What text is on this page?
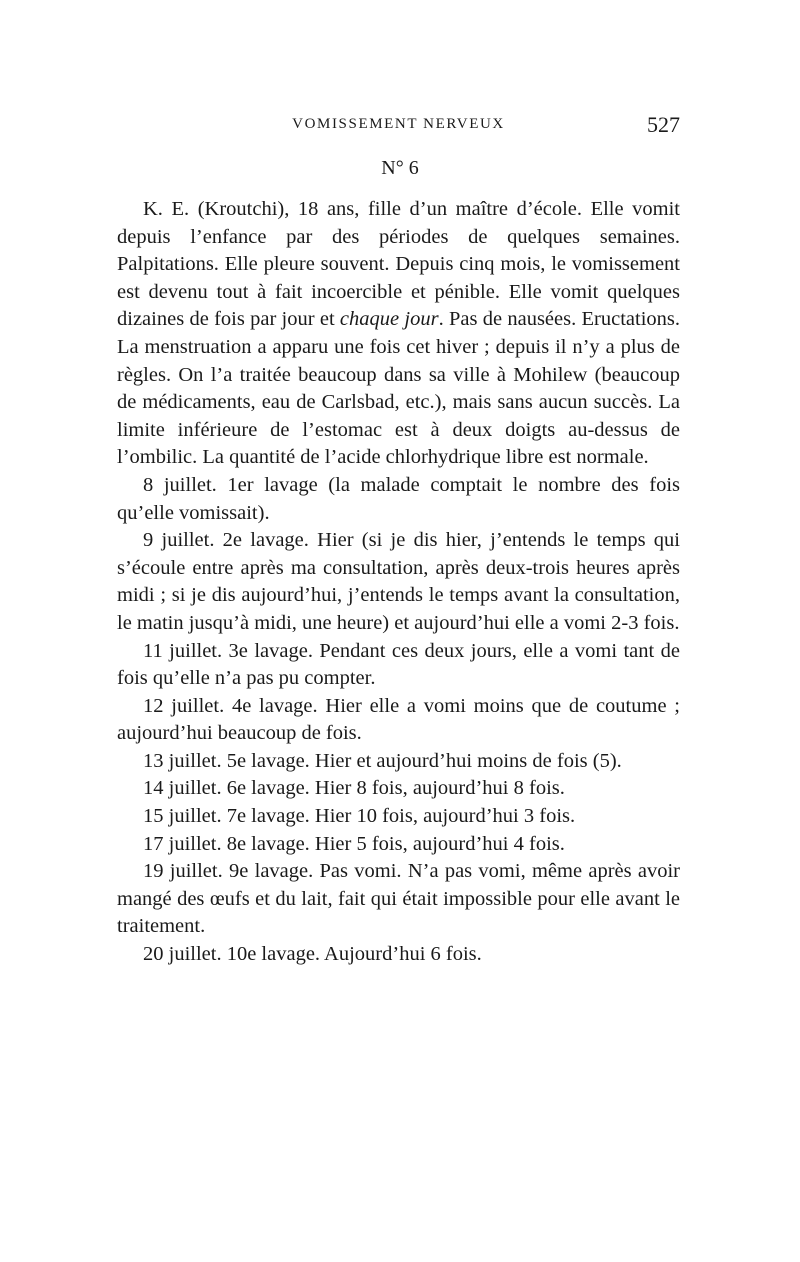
VOMISSEMENT NERVEUX	527
N° 6

K. E. (Kroutchi), 18 ans, fille d’un maître d’école. Elle vomit depuis l’enfance par des périodes de quelques semaines. Palpitations. Elle pleure souvent. Depuis cinq mois, le vomissement est devenu tout à fait incoercible et pénible. Elle vomit quelques dizaines de fois par jour et chaque jour. Pas de nausées. Eructations. La menstruation a apparu une fois cet hiver ; depuis il n’y a plus de règles. On l’a traitée beaucoup dans sa ville à Mohilew (beaucoup de médicaments, eau de Carlsbad, etc.), mais sans aucun succès. La limite inférieure de l’estomac est à deux doigts au-dessus de l’ombilic. La quantité de l’acide chlorhydrique libre est normale.

8 juillet. 1er lavage (la malade comptait le nombre des fois qu’elle vomissait).

9 juillet. 2e lavage. Hier (si je dis hier, j’entends le temps qui s’écoule entre après ma consultation, après deux-trois heures après midi ; si je dis aujourd’hui, j’entends le temps avant la consultation, le matin jusqu’à midi, une heure) et aujourd’hui elle a vomi 2-3 fois.

11 juillet. 3e lavage. Pendant ces deux jours, elle a vomi tant de fois qu’elle n’a pas pu compter.

12 juillet. 4e lavage. Hier elle a vomi moins que de coutume ; aujourd’hui beaucoup de fois.

13 juillet. 5e lavage. Hier et aujourd’hui moins de fois (5).

14 juillet. 6e lavage. Hier 8 fois, aujourd’hui 8 fois.

15 juillet. 7e lavage. Hier 10 fois, aujourd’hui 3 fois.

17 juillet. 8e lavage. Hier 5 fois, aujourd’hui 4 fois.

19 juillet. 9e lavage. Pas vomi. N’a pas vomi, même après avoir mangé des œufs et du lait, fait qui était impossible pour elle avant le traitement.

20 juillet. 10e lavage. Aujourd’hui 6 fois.
